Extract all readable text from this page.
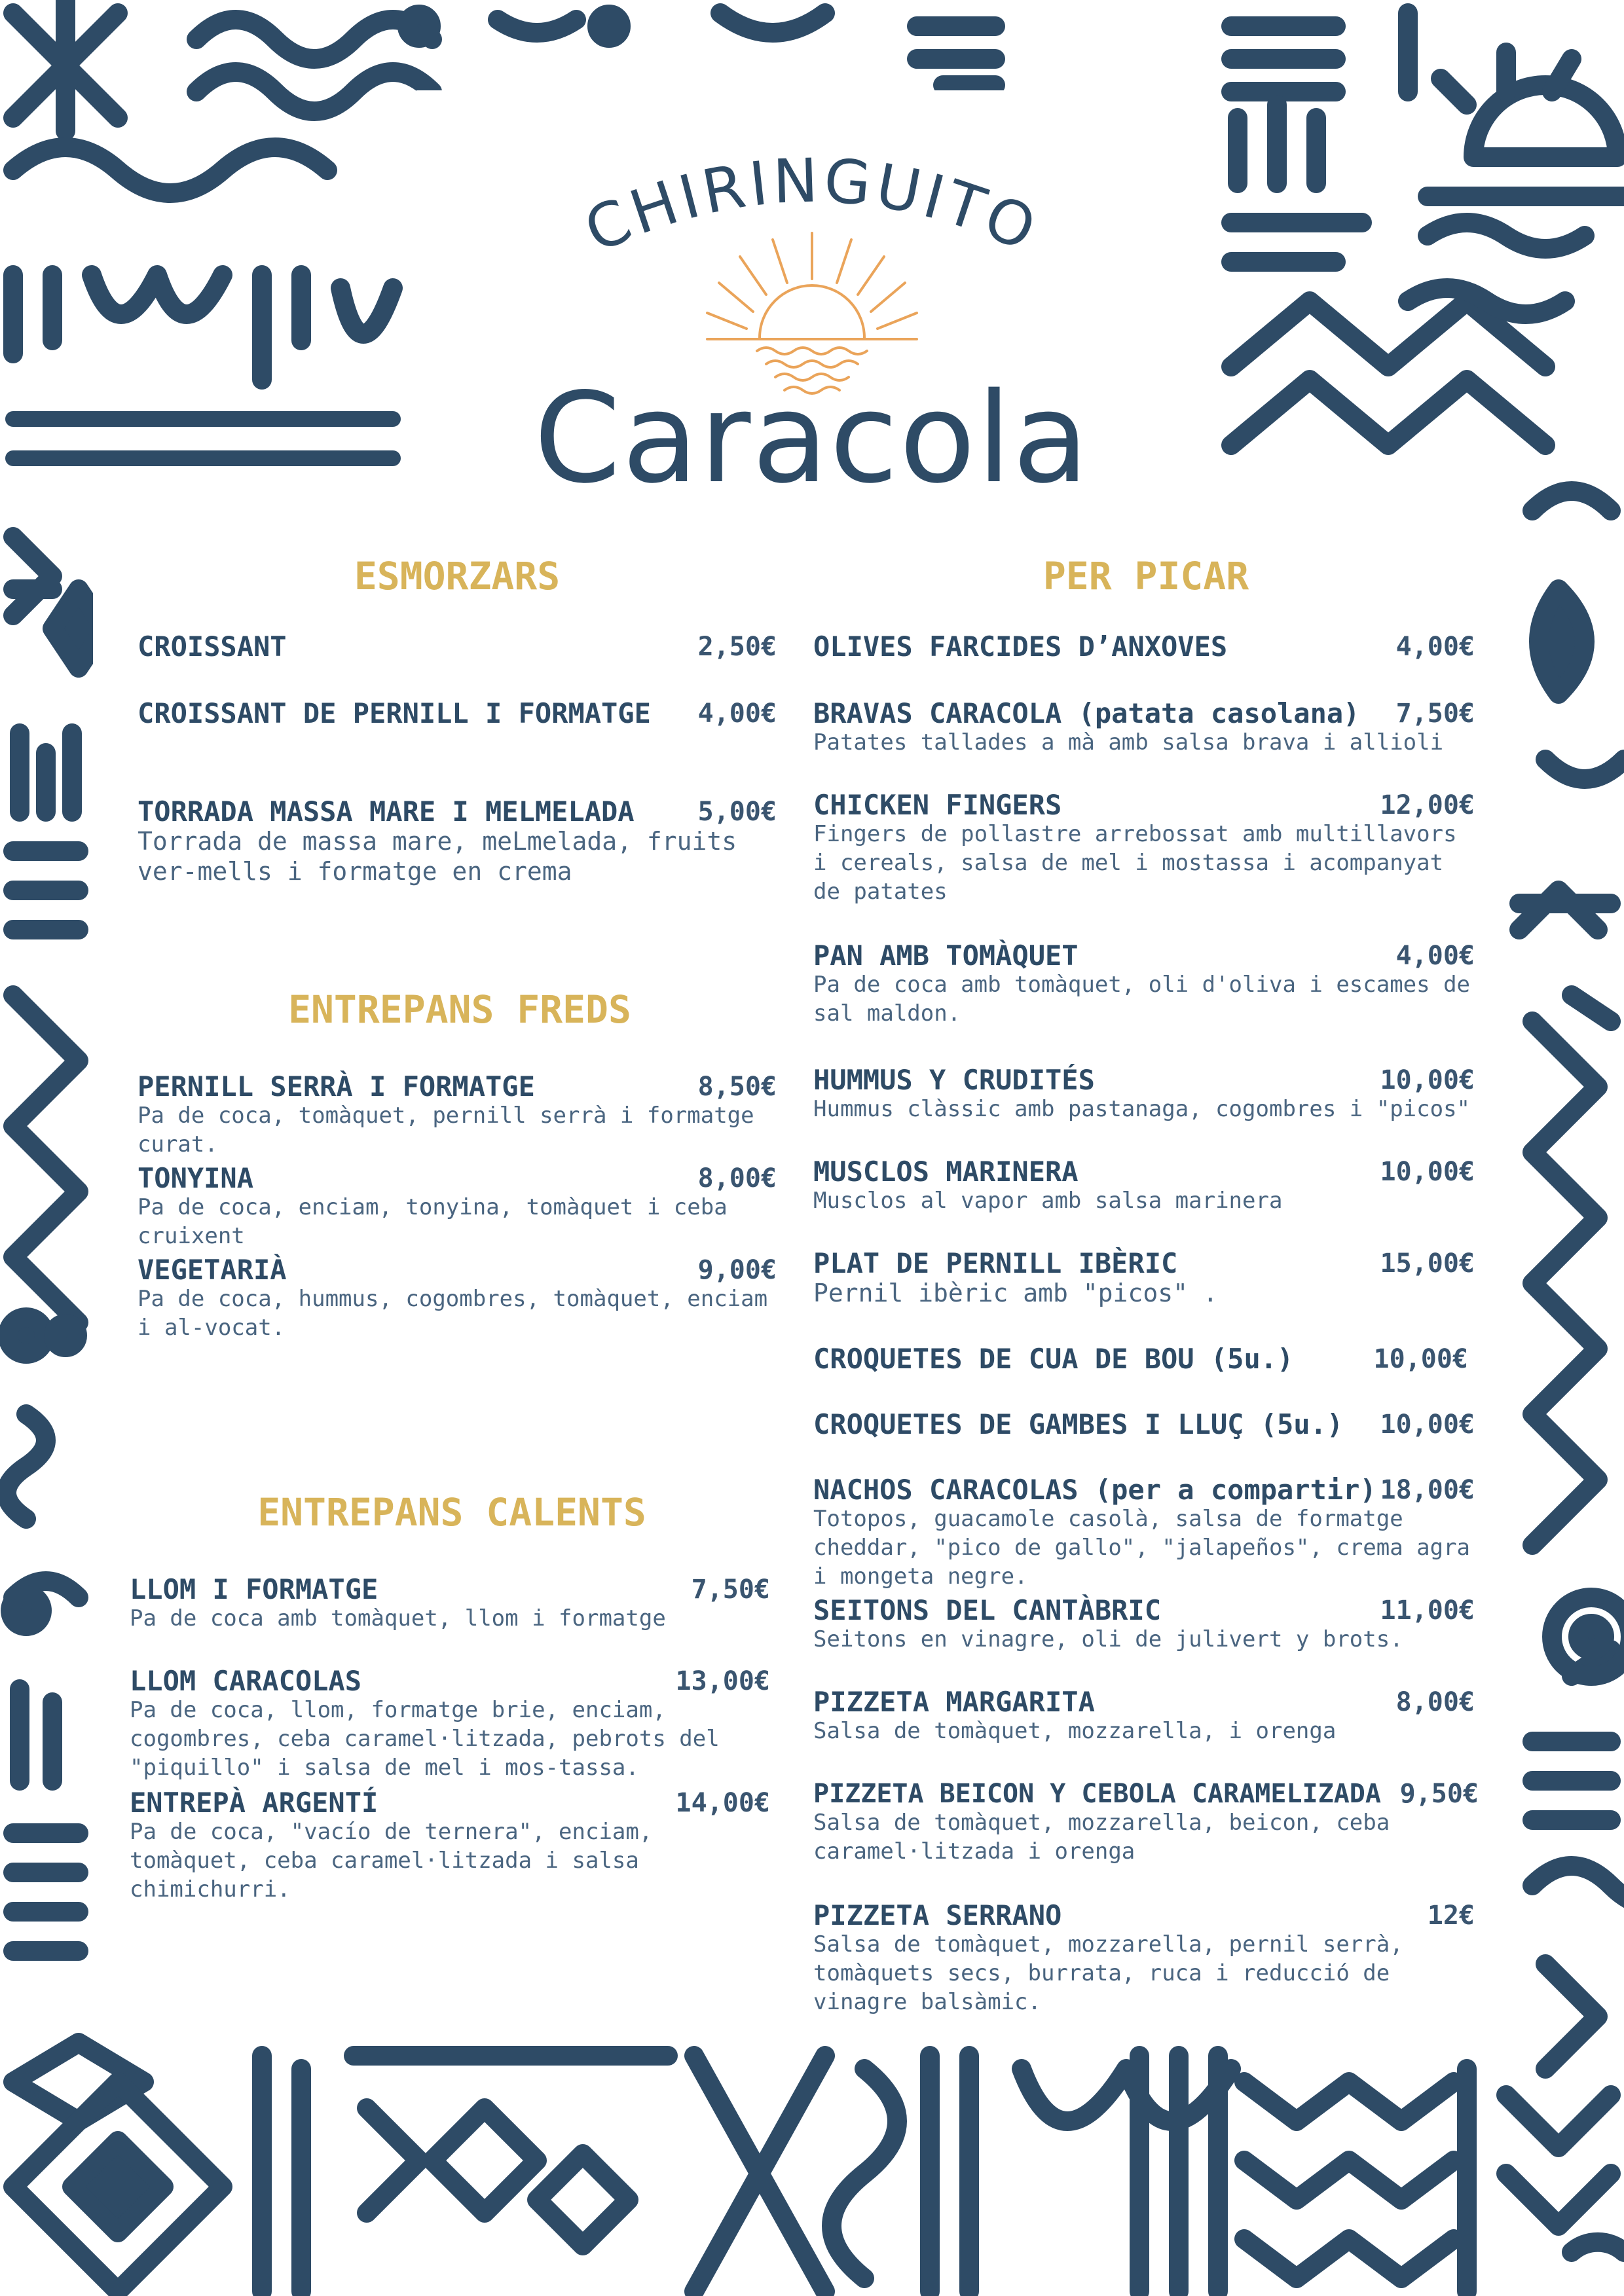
CHIRINGUITO
Caracola
ESMORZARS	PER PICAR
ENTREPANS FREDS
ENTREPANS CALENTS
CROISSANT	2,50€
CROISSANT DE PERNILL I FORMATGE 4,00€
TORRADA MASSA MARE I MELMELADA 5,00€
Torrada de massa mare, meLmelada, fruits ver-mells i formatge en crema
PERNILL SERRÀ I FORMATGE	8,50€
Pa de coca, tomàquet, pernill serrà i formatge curat.
TONYINA	8,00€
Pa de coca, enciam, tonyina, tomàquet i ceba cruixent
VEGETARIÀ	9,00€
Pa de coca, hummus, cogombres, tomàquet, enciam i al-vocat.
LLOM I FORMATGE	7,50€
Pa de coca amb tomàquet, llom i formatge
LLOM CARACOLAS	13,00€
Pa de coca, llom, formatge brie, enciam, cogombres, ceba caramel·litzada, pebrots del "piquillo" i salsa de mel i mos-tassa.
ENTREPÀ ARGENTÍ	14,00€
Pa de coca, "vacío de ternera", enciam, tomàquet, ceba caramel·litzada i salsa chimichurri.
OLIVES FARCIDES D’ANXOVES	4,00€
BRAVAS CARACOLA (patata casolana) 7,50€
Patates tallades a mà amb salsa brava i allioli
CHICKEN FINGERS	12,00€
Fingers de pollastre arrebossat amb multillavors i cereals, salsa de mel i mostassa i acompanyat de patates
PAN AMB TOMÀQUET	4,00€
Pa de coca amb tomàquet, oli d'oliva i escames de sal maldon.
HUMMUS Y CRUDITÉS	10,00€
Hummus clàssic amb pastanaga, cogombres i "picos"
MUSCLOS MARINERA	10,00€
Musclos al vapor amb salsa marinera
PLAT DE PERNILL IBÈRIC	15,00€
Pernil ibèric amb "picos" .
CROQUETES DE CUA DE BOU (5u.)	10,00€
CROQUETES DE GAMBES I LLUÇ (5u.) 10,00€
NACHOS CARACOLAS (per a compartir) 18,00€
Totopos, guacamole casolà, salsa de formatge cheddar, "pico de gallo", "jalapeños", crema agra i mongeta negre.
SEITONS DEL CANTÀBRIC	11,00€
Seitons en vinagre, oli de julivert y brots.
PIZZETA MARGARITA	8,00€
Salsa de tomàquet, mozzarella, i orenga
PIZZETA BEICON Y CEBOLA CARAMELIZADA 9,50€
Salsa de tomàquet, mozzarella, beicon, ceba caramel·litzada i orenga
PIZZETA SERRANO	12€
Salsa de tomàquet, mozzarella, pernil serrà, tomàquets secs, burrata, ruca i reducció de vinagre balsàmic.
